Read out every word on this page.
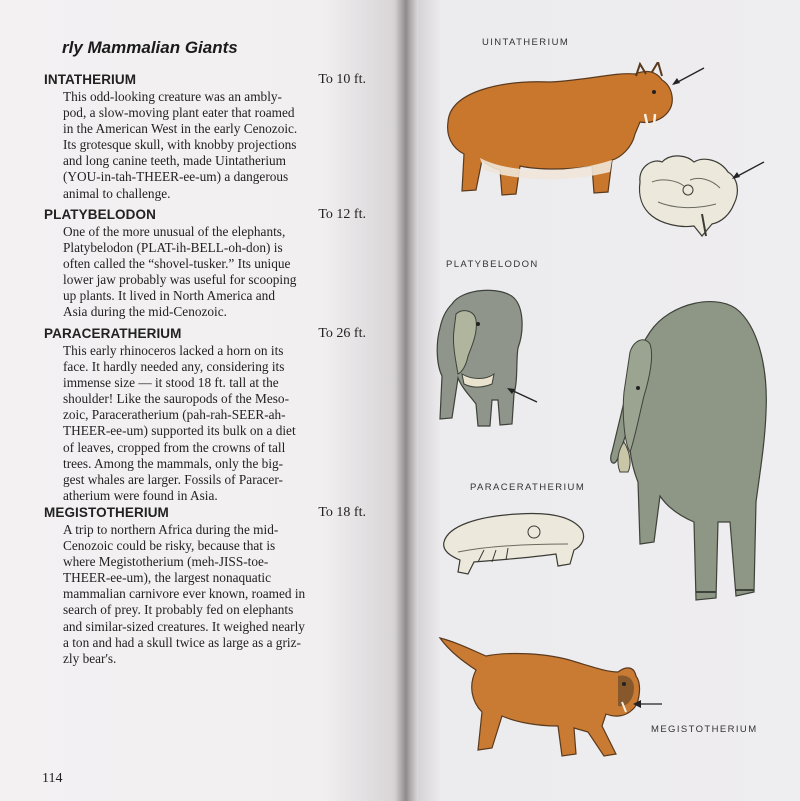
rly Mammalian Giants
INTATHERIUM	To 10 ft.

This odd-looking creature was an ambly-

pod, a slow-moving plant eater that roamed

in the American West in the early Cenozoic.

Its grotesque skull, with knobby projections

and long canine teeth, made Uintatherium

(YOU-in-tah-THEER-ee-um) a dangerous

animal to challenge.

PLATYBELODON	To 12 ft.

One of the more unusual of the elephants,

Platybelodon (PLAT-ih-BELL-oh-don) is

often called the “shovel-tusker.” Its unique

lower jaw probably was useful for scooping

up plants. It lived in North America and

Asia during the mid-Cenozoic.

PARACERATHERIUM	To 26 ft.

This early rhinoceros lacked a horn on its

face. It hardly needed any, considering its

immense size — it stood 18 ft. tall at the

shoulder! Like the sauropods of the Meso-

zoic, Paraceratherium (pah-rah-SEER-ah-

THEER-ee-um) supported its bulk on a diet

of leaves, cropped from the crowns of tall

trees. Among the mammals, only the big-

gest whales are larger. Fossils of Paracer-

atherium were found in Asia.

MEGISTOTHERIUM	To 18 ft.

A trip to northern Africa during the mid-

Cenozoic could be risky, because that is

where Megistotherium (meh-JISS-toe-

THEER-ee-um), the largest nonaquatic

mammalian carnivore ever known, roamed in

search of prey. It probably fed on elephants

and similar-sized creatures. It weighed nearly

a ton and had a skull twice as large as a griz-

zly bear's.

114
UINTATHERIUM
PLATYBELODON
PARACERATHERIUM
MEGISTOTHERIUM
